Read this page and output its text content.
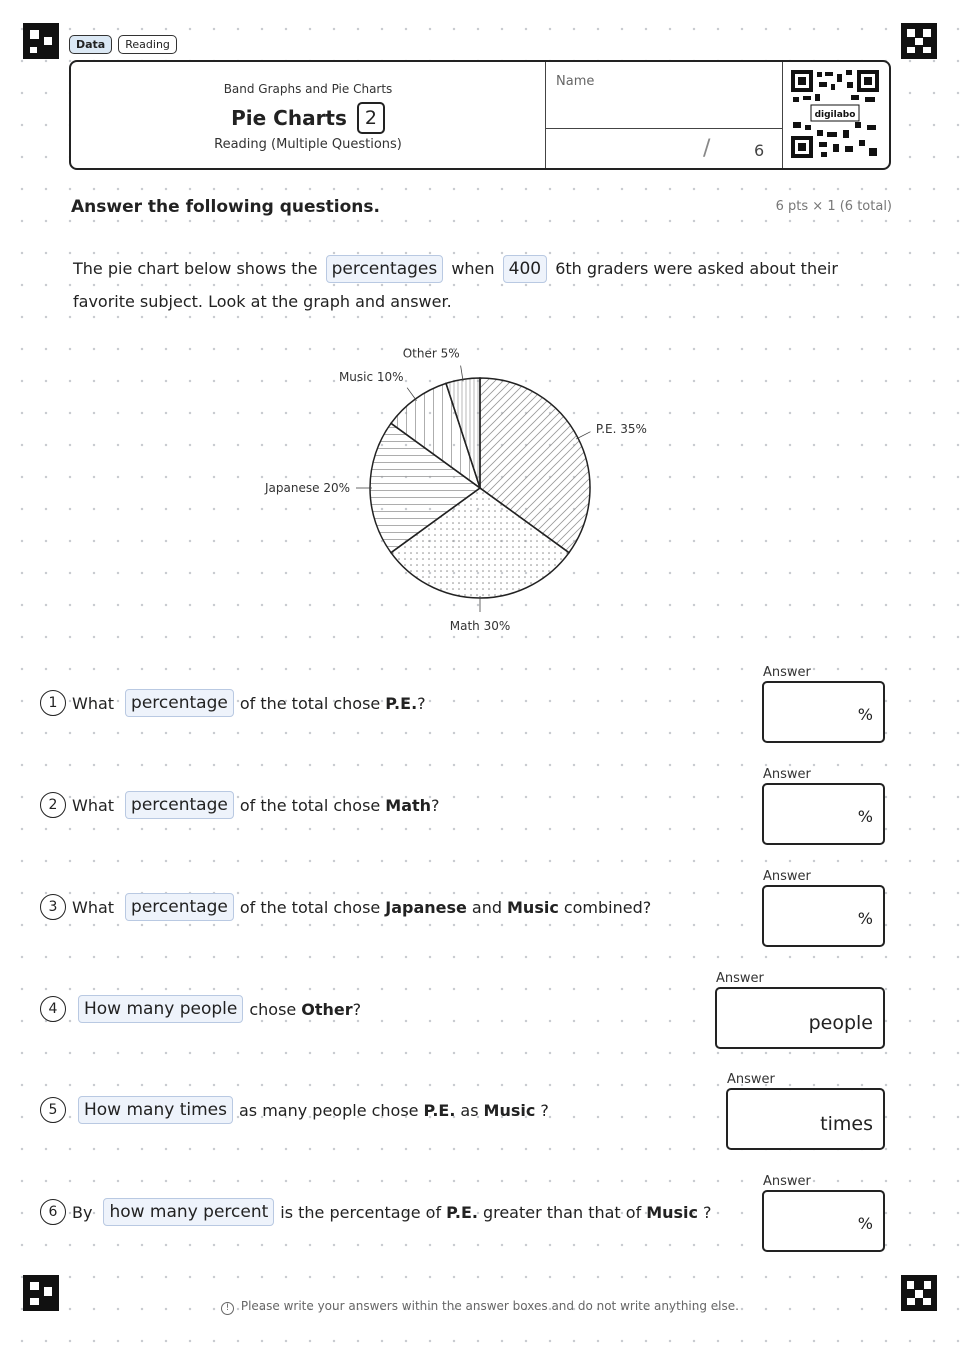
Data	Reading
Band Graphs and Pie Charts
Pie Charts 2
Reading (Multiple Questions)
Name
/	6
digilabo
Answer the following questions.	6 pts × 1 (6 total)
The pie chart below shows the percentages when 400 6th graders were asked about their favorite subject. Look at the graph and answer.
P.E. 35%
Math 30%
Japanese 20%
Music 10%
Other 5%
1 What	percentage of the total chose P.E. ?
Answer
%
2 What	percentage of the total chose Math ?
Answer
%
3 What	percentage of the total chose Japanese and Music combined?
Answer
%
4	How many people chose Other ?
Answer
people
5	How many times as many people chose P.E. as Music ?
Answer
times
6 By	how many percent is the percentage of P.E. greater than that of Music ?
Answer
%
! Please write your answers within the answer boxes and do not write anything else.
